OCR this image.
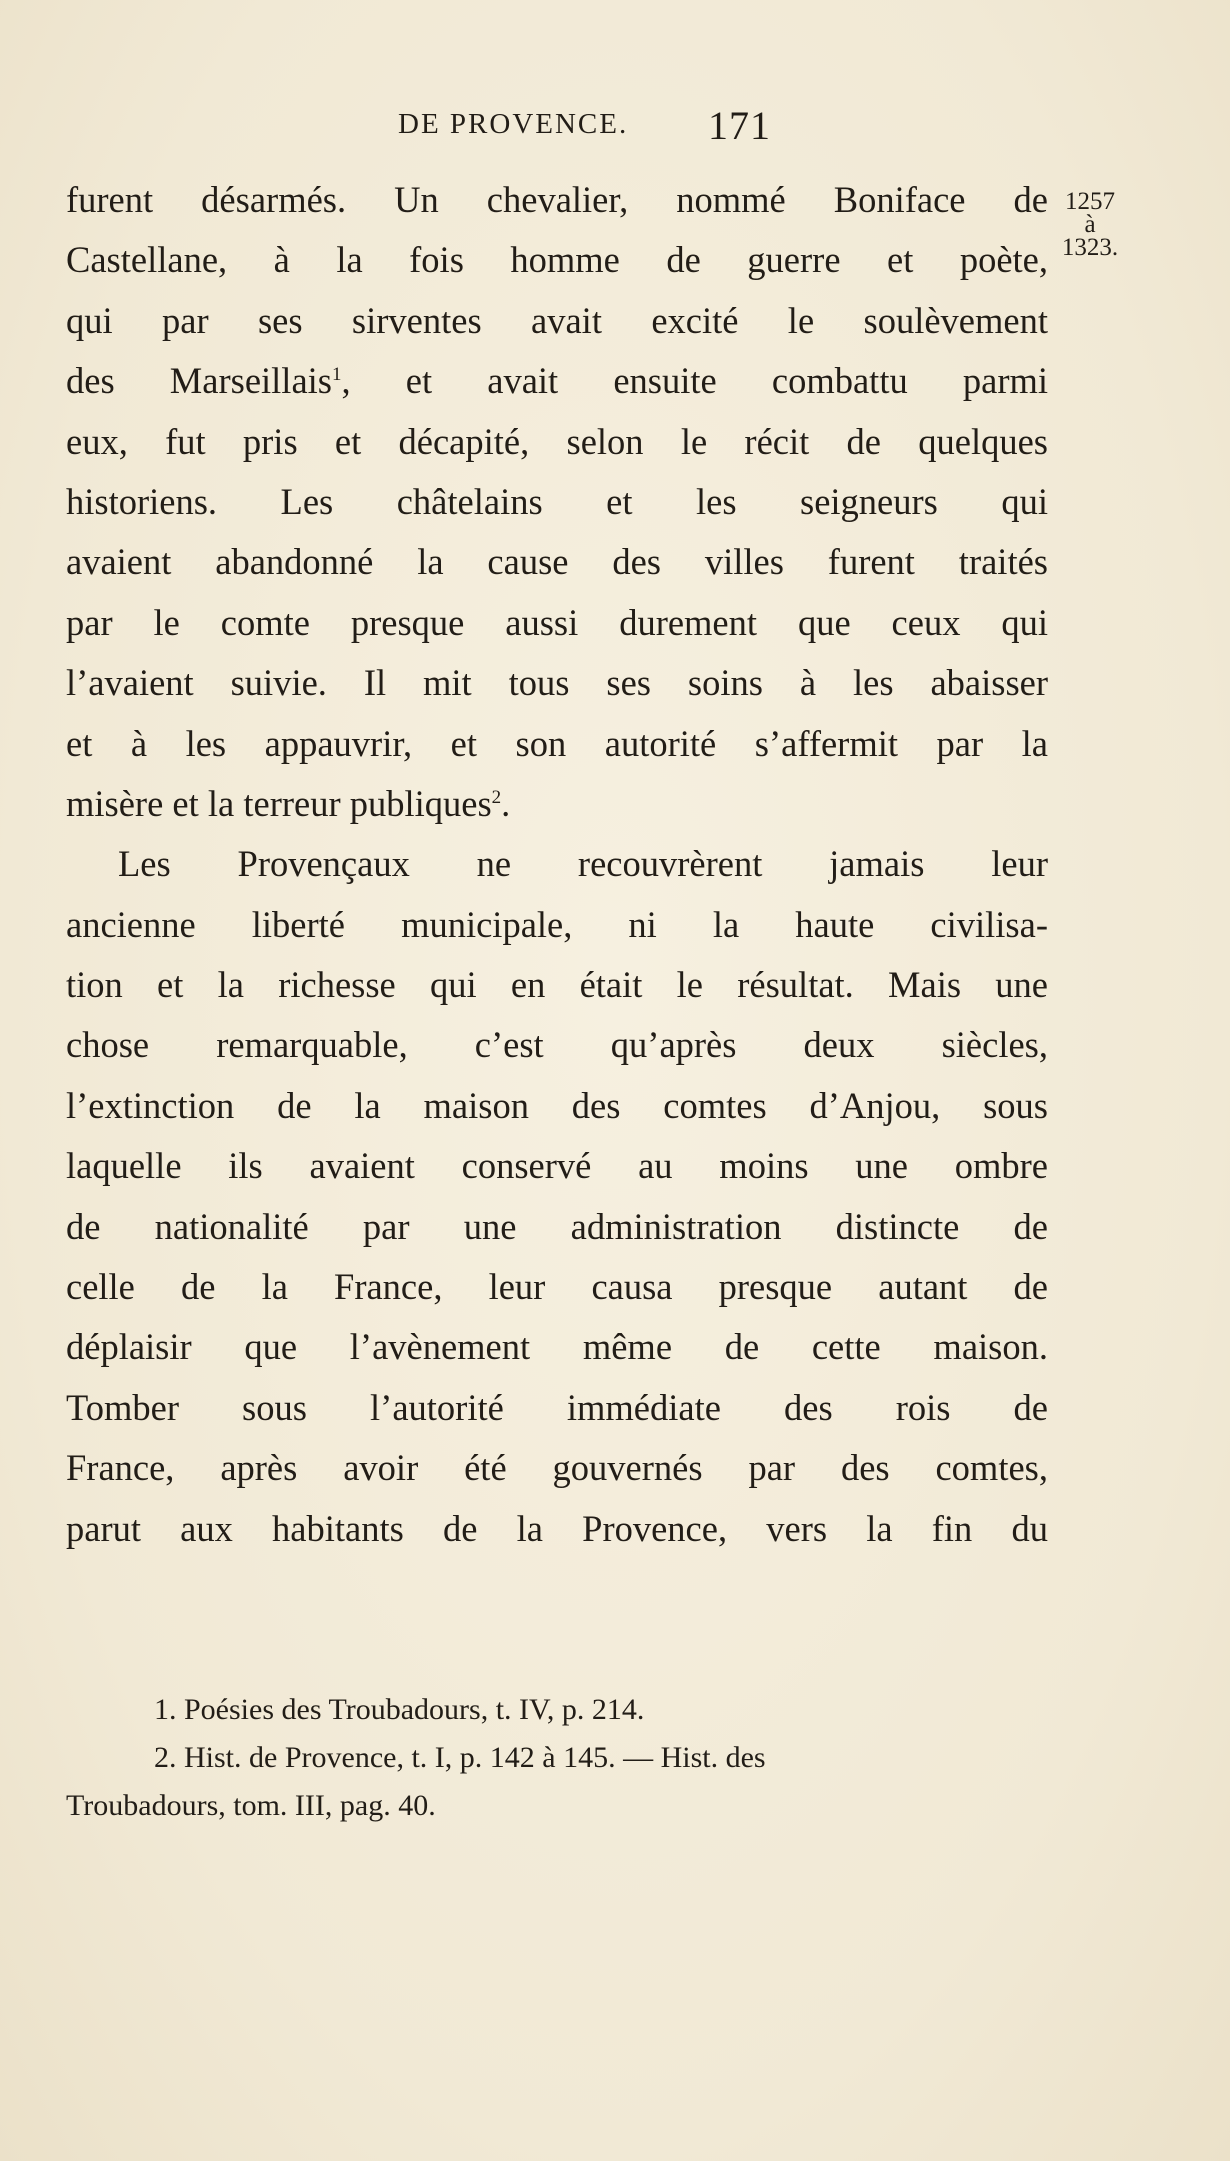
DE PROVENCE. 171
1257
à
1323.
furent désarmés. Un chevalier, nommé Boniface de
Castellane, à la fois homme de guerre et poète,
qui par ses sirventes avait excité le soulèvement
des Marseillais$^1$, et avait ensuite combattu parmi
eux, fut pris et décapité, selon le récit de quelques
historiens. Les châtelains et les seigneurs qui
avaient abandonné la cause des villes furent traités
par le comte presque aussi durement que ceux qui
l’avaient suivie. Il mit tous ses soins à les abaisser
et à les appauvrir, et son autorité s’affermit par la
misère et la terreur publiques$^2$.
Les Provençaux ne recouvrèrent jamais leur
ancienne liberté municipale, ni la haute civilisa-
tion et la richesse qui en était le résultat. Mais une
chose remarquable, c’est qu’après deux siècles,
l’extinction de la maison des comtes d’Anjou, sous
laquelle ils avaient conservé au moins une ombre
de nationalité par une administration distincte de
celle de la France, leur causa presque autant de
déplaisir que l’avènement même de cette maison.
Tomber sous l’autorité immédiate des rois de
France, après avoir été gouvernés par des comtes,
parut aux habitants de la Provence, vers la fin du
1. Poésies des Troubadours, t. IV, p. 214.
2. Hist. de Provence, t. I, p. 142 à 145. — Hist. des
Troubadours, tom. III, pag. 40.
